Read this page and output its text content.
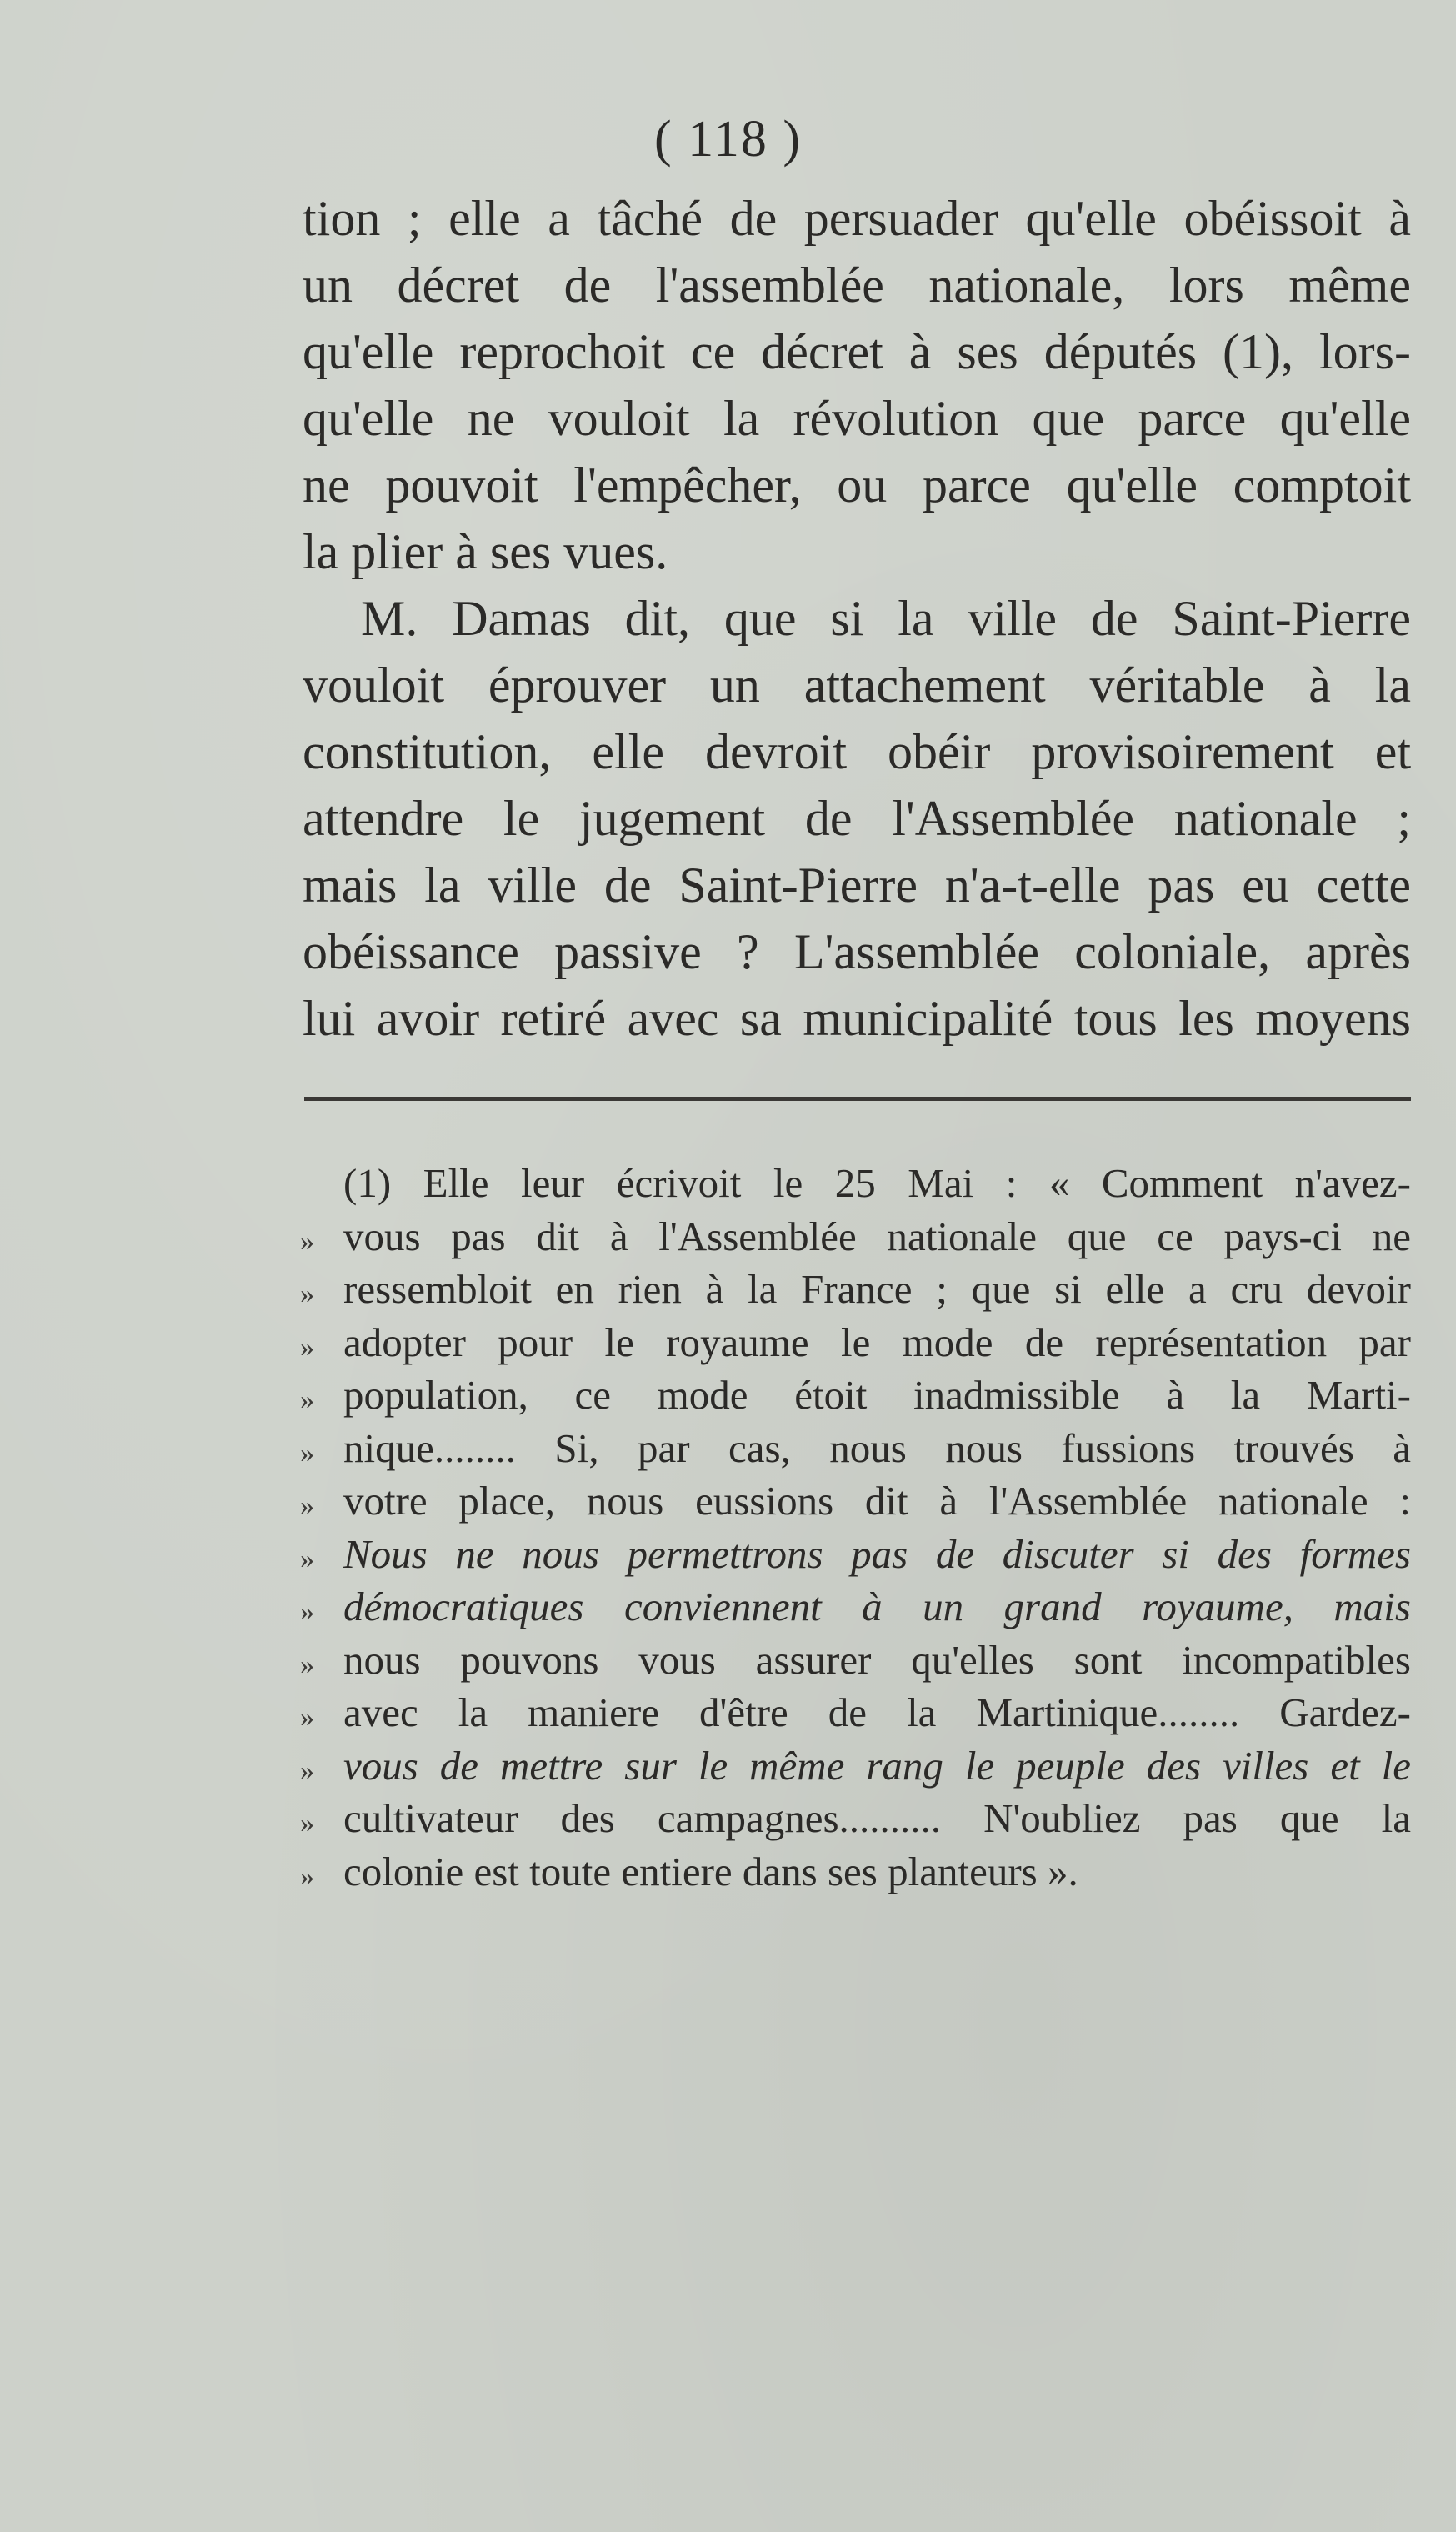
( 118 )
tion ; elle a tâché de persuader qu'elle obéissoit à
un décret de l'assemblée nationale, lors même
qu'elle reprochoit ce décret à ses députés (1), lors-
qu'elle ne vouloit la révolution que parce qu'elle
ne pouvoit l'empêcher, ou parce qu'elle comptoit
la plier à ses vues.
M. Damas dit, que si la ville de Saint-Pierre
vouloit éprouver un attachement véritable à la
constitution, elle devroit obéir provisoirement et
attendre le jugement de l'Assemblée nationale ;
mais la ville de Saint-Pierre n'a-t-elle pas eu cette
obéissance passive ? L'assemblée coloniale, après
lui avoir retiré avec sa municipalité tous les moyens
(1) Elle leur écrivoit le 25 Mai : « Comment n'avez-
» vous pas dit à l'Assemblée nationale que ce pays-ci ne
» ressembloit en rien à la France ; que si elle a cru devoir
» adopter pour le royaume le mode de représentation par
» population, ce mode étoit inadmissible à la Marti-
» nique........ Si, par cas, nous nous fussions trouvés à
» votre place, nous eussions dit à l'Assemblée nationale :
» Nous ne nous permettrons pas de discuter si des formes
» démocratiques conviennent à un grand royaume, mais
» nous pouvons vous assurer qu'elles sont incompatibles
» avec la maniere d'être de la Martinique........ Gardez-
» vous de mettre sur le même rang le peuple des villes et le
» cultivateur des campagnes.......... N'oubliez pas que la
» colonie est toute entiere dans ses planteurs ».
